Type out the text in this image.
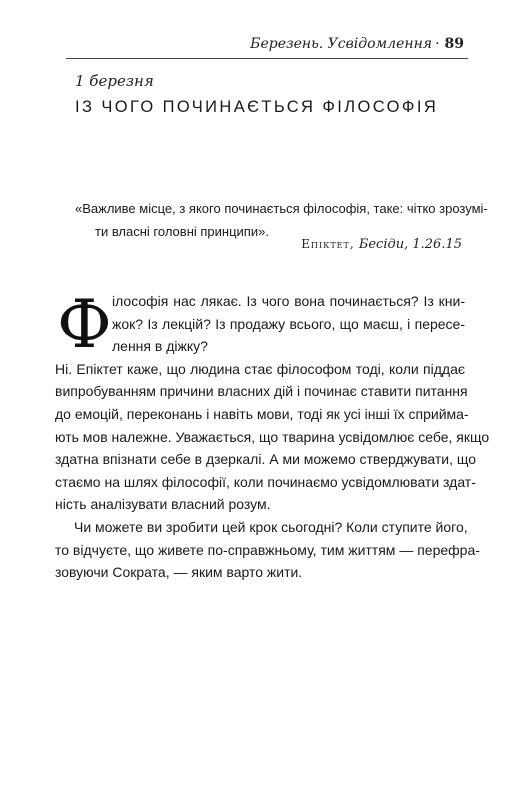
Березень. Усвідомлення · 89
1 березня
ІЗ ЧОГО ПОЧИНАЄТЬСЯ ФІЛОСОФІЯ
«Важливе місце, з якого починається філософія, таке: чітко зрозумі-
ти власні головні принципи».
Епіктет, Бесіди, 1.26.15
Ф ілософія нас лякає. Із чого вона починається? Із кни-
жок? Із лекцій? Із продажу всього, що маєш, і пересе-
лення в діжку?
Ні. Епіктет каже, що людина стає філософом тоді, коли піддає
випробуванням причини власних дій і починає ставити питання
до емоцій, переконань і навіть мови, тоді як усі інші їх сприйма-
ють мов належне. Уважається, що тварина усвідомлює себе, якщо
здатна впізнати себе в дзеркалі. А ми можемо стверджувати, що
стаємо на шлях філософії, коли починаємо усвідомлювати здат-
ність аналізувати власний розум.
Чи можете ви зробити цей крок сьогодні? Коли ступите його,
то відчуєте, що живете по-справжньому, тим життям — перефра-
зовуючи Сократа, — яким варто жити.
